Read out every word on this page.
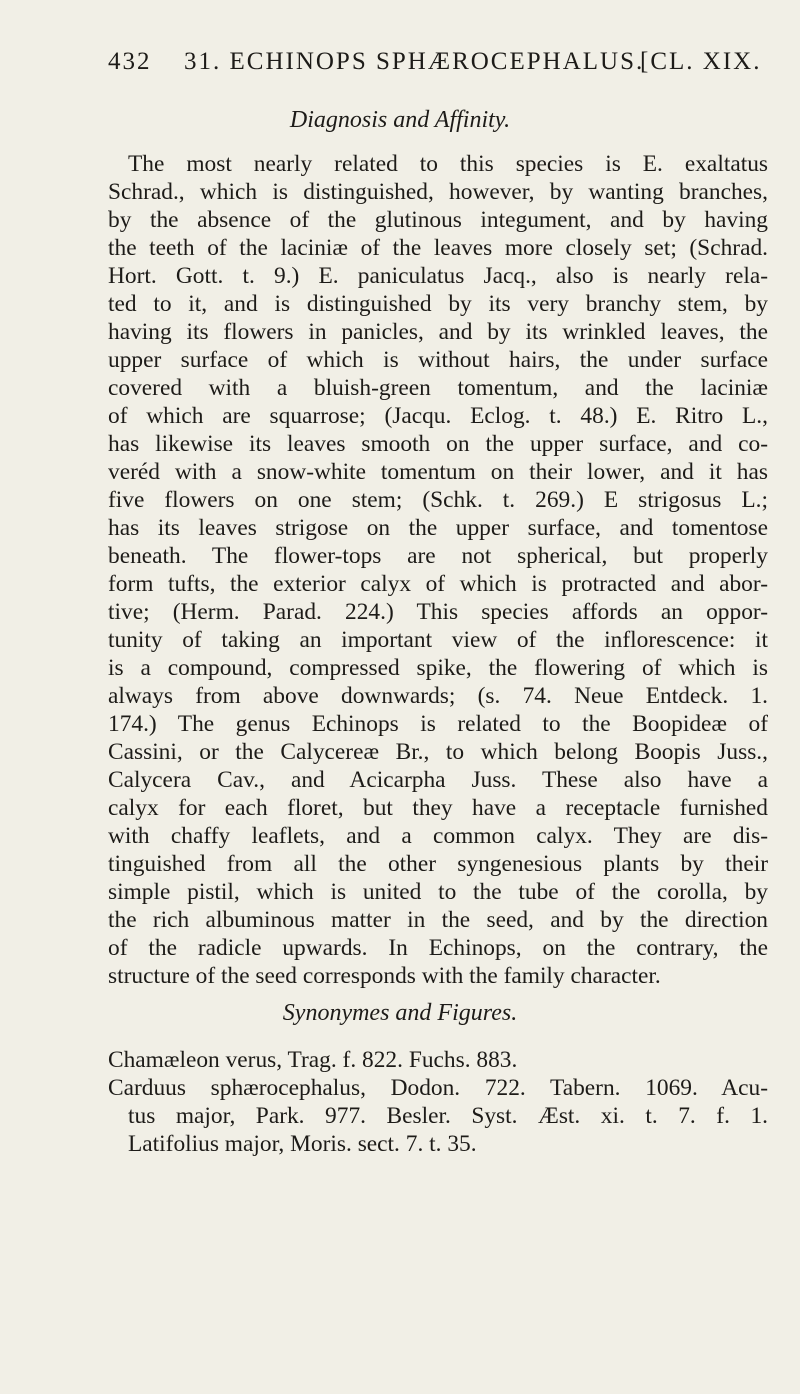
432 31. ECHINOPS SPHÆROCEPHALUS.
[CL. XIX.
Diagnosis and Affinity.
The most nearly related to this species is E. exaltatus
Schrad., which is distinguished, however, by wanting branches,
by the absence of the glutinous integument, and by having
the teeth of the laciniæ of the leaves more closely set; (Schrad.
Hort. Gott. t. 9.) E. paniculatus Jacq., also is nearly rela-
ted to it, and is distinguished by its very branchy stem, by
having its flowers in panicles, and by its wrinkled leaves, the
upper surface of which is without hairs, the under surface
covered with a bluish-green tomentum, and the laciniæ
of which are squarrose; (Jacqu. Eclog. t. 48.) E. Ritro L.,
has likewise its leaves smooth on the upper surface, and co-
veréd with a snow-white tomentum on their lower, and it has
five flowers on one stem; (Schk. t. 269.) E strigosus L.;
has its leaves strigose on the upper surface, and tomentose
beneath. The flower-tops are not spherical, but properly
form tufts, the exterior calyx of which is protracted and abor-
tive; (Herm. Parad. 224.) This species affords an oppor-
tunity of taking an important view of the inflorescence: it
is a compound, compressed spike, the flowering of which is
always from above downwards; (s. 74. Neue Entdeck. 1.
174.) The genus Echinops is related to the Boopideæ of
Cassini, or the Calycereæ Br., to which belong Boopis Juss.,
Calycera Cav., and Acicarpha Juss. These also have a
calyx for each floret, but they have a receptacle furnished
with chaffy leaflets, and a common calyx. They are dis-
tinguished from all the other syngenesious plants by their
simple pistil, which is united to the tube of the corolla, by
the rich albuminous matter in the seed, and by the direction
of the radicle upwards. In Echinops, on the contrary, the
structure of the seed corresponds with the family character.
Synonymes and Figures.
Chamæleon verus, Trag. f. 822. Fuchs. 883.
Carduus sphærocephalus, Dodon. 722. Tabern. 1069. Acu-
tus major, Park. 977. Besler. Syst. Æst. xi. t. 7. f. 1.
Latifolius major, Moris. sect. 7. t. 35.
